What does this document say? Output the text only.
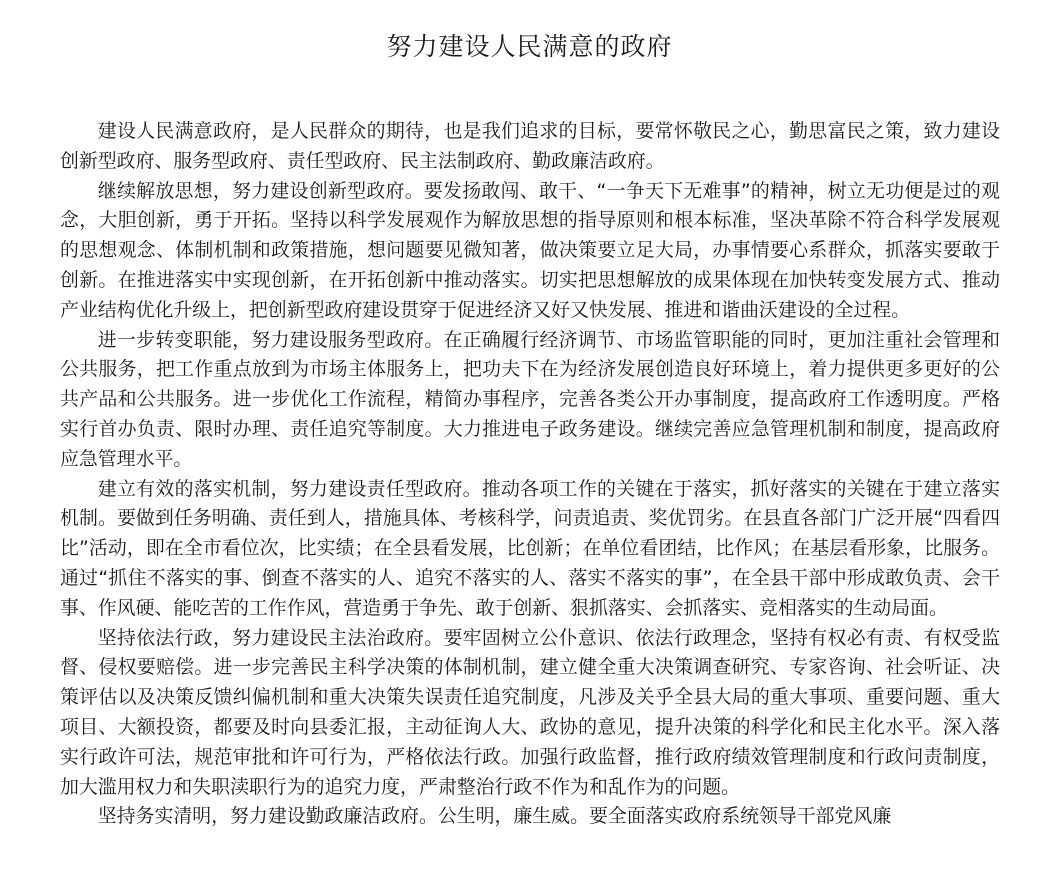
努力建设人民满意的政府

建设人民满意政府，是人民群众的期待，也是我们追求的目标，要常怀敬民之心，勤思富民之策，致力建设创新型政府、服务型政府、责任型政府、民主法制政府、勤政廉洁政府。

继续解放思想，努力建设创新型政府。要发扬敢闯、敢干、“一争天下无难事”的精神，树立无功便是过的观念，大胆创新，勇于开拓。坚持以科学发展观作为解放思想的指导原则和根本标准，坚决革除不符合科学发展观的思想观念、体制机制和政策措施，想问题要见微知著，做决策要立足大局，办事情要心系群众，抓落实要敢于创新。在推进落实中实现创新，在开拓创新中推动落实。切实把思想解放的成果体现在加快转变发展方式、推动产业结构优化升级上，把创新型政府建设贯穿于促进经济又好又快发展、推进和谐曲沃建设的全过程。

进一步转变职能，努力建设服务型政府。在正确履行经济调节、市场监管职能的同时，更加注重社会管理和公共服务，把工作重点放到为市场主体服务上，把功夫下在为经济发展创造良好环境上，着力提供更多更好的公共产品和公共服务。进一步优化工作流程，精简办事程序，完善各类公开办事制度，提高政府工作透明度。严格实行首办负责、限时办理、责任追究等制度。大力推进电子政务建设。继续完善应急管理机制和制度，提高政府应急管理水平。

建立有效的落实机制，努力建设责任型政府。推动各项工作的关键在于落实，抓好落实的关键在于建立落实机制。要做到任务明确、责任到人，措施具体、考核科学，问责追责、奖优罚劣。在县直各部门广泛开展“四看四比”活动，即在全市看位次，比实绩；在全县看发展，比创新；在单位看团结，比作风；在基层看形象，比服务。通过“抓住不落实的事、倒查不落实的人、追究不落实的人、落实不落实的事”，在全县干部中形成敢负责、会干事、作风硬、能吃苦的工作作风，营造勇于争先、敢于创新、狠抓落实、会抓落实、竞相落实的生动局面。

坚持依法行政，努力建设民主法治政府。要牢固树立公仆意识、依法行政理念，坚持有权必有责、有权受监督、侵权要赔偿。进一步完善民主科学决策的体制机制，建立健全重大决策调查研究、专家咨询、社会听证、决策评估以及决策反馈纠偏机制和重大决策失误责任追究制度，凡涉及关乎全县大局的重大事项、重要问题、重大项目、大额投资，都要及时向县委汇报，主动征询人大、政协的意见，提升决策的科学化和民主化水平。深入落实行政许可法，规范审批和许可行为，严格依法行政。加强行政监督，推行政府绩效管理制度和行政问责制度，加大滥用权力和失职渎职行为的追究力度，严肃整治行政不作为和乱作为的问题。

坚持务实清明，努力建设勤政廉洁政府。公生明，廉生威。要全面落实政府系统领导干部党风廉
